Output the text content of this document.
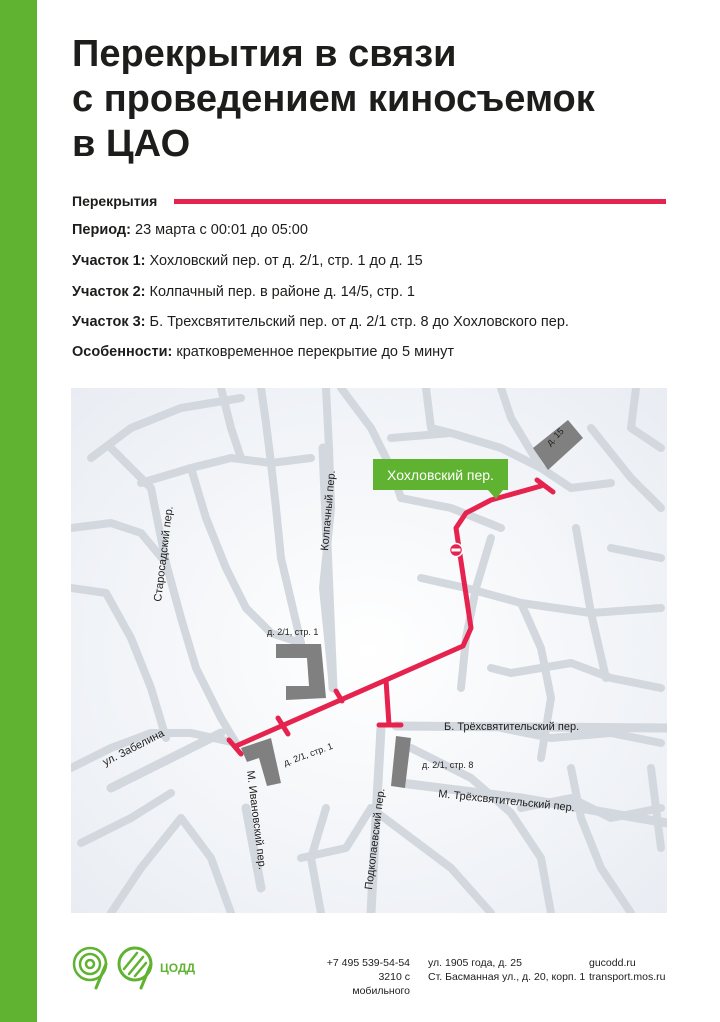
Перекрытия в связи
с проведением киносъемок
в ЦАО
Перекрытия
Период: 23 марта с 00:01 до 05:00
Участок 1: Хохловский пер. от д. 2/1, стр. 1 до д. 15
Участок 2: Колпачный пер. в районе д. 14/5, стр. 1
Участок 3: Б. Трехсвятительский пер. от д. 2/1 стр. 8 до Хохловского пер.
Особенности: кратковременное перекрытие до 5 минут
Хохловский пер.
Старосадский пер.	Колпачный пер.
ул. Забелина
М. Ивановский пер.	Подкопаевский пер.
Б. Трёхсвятительский пер.
М. Трёхсвятительский пер.
д. 15
д. 2/1, стр. 1
д. 2/1, стр. 1	д. 2/1, стр. 8
ЦОДД	+7 495 539-54-54
3210 с мобильного
ул. 1905 года, д. 25
Ст. Басманная ул., д. 20, корп. 1
gucodd.ru
transport.mos.ru
